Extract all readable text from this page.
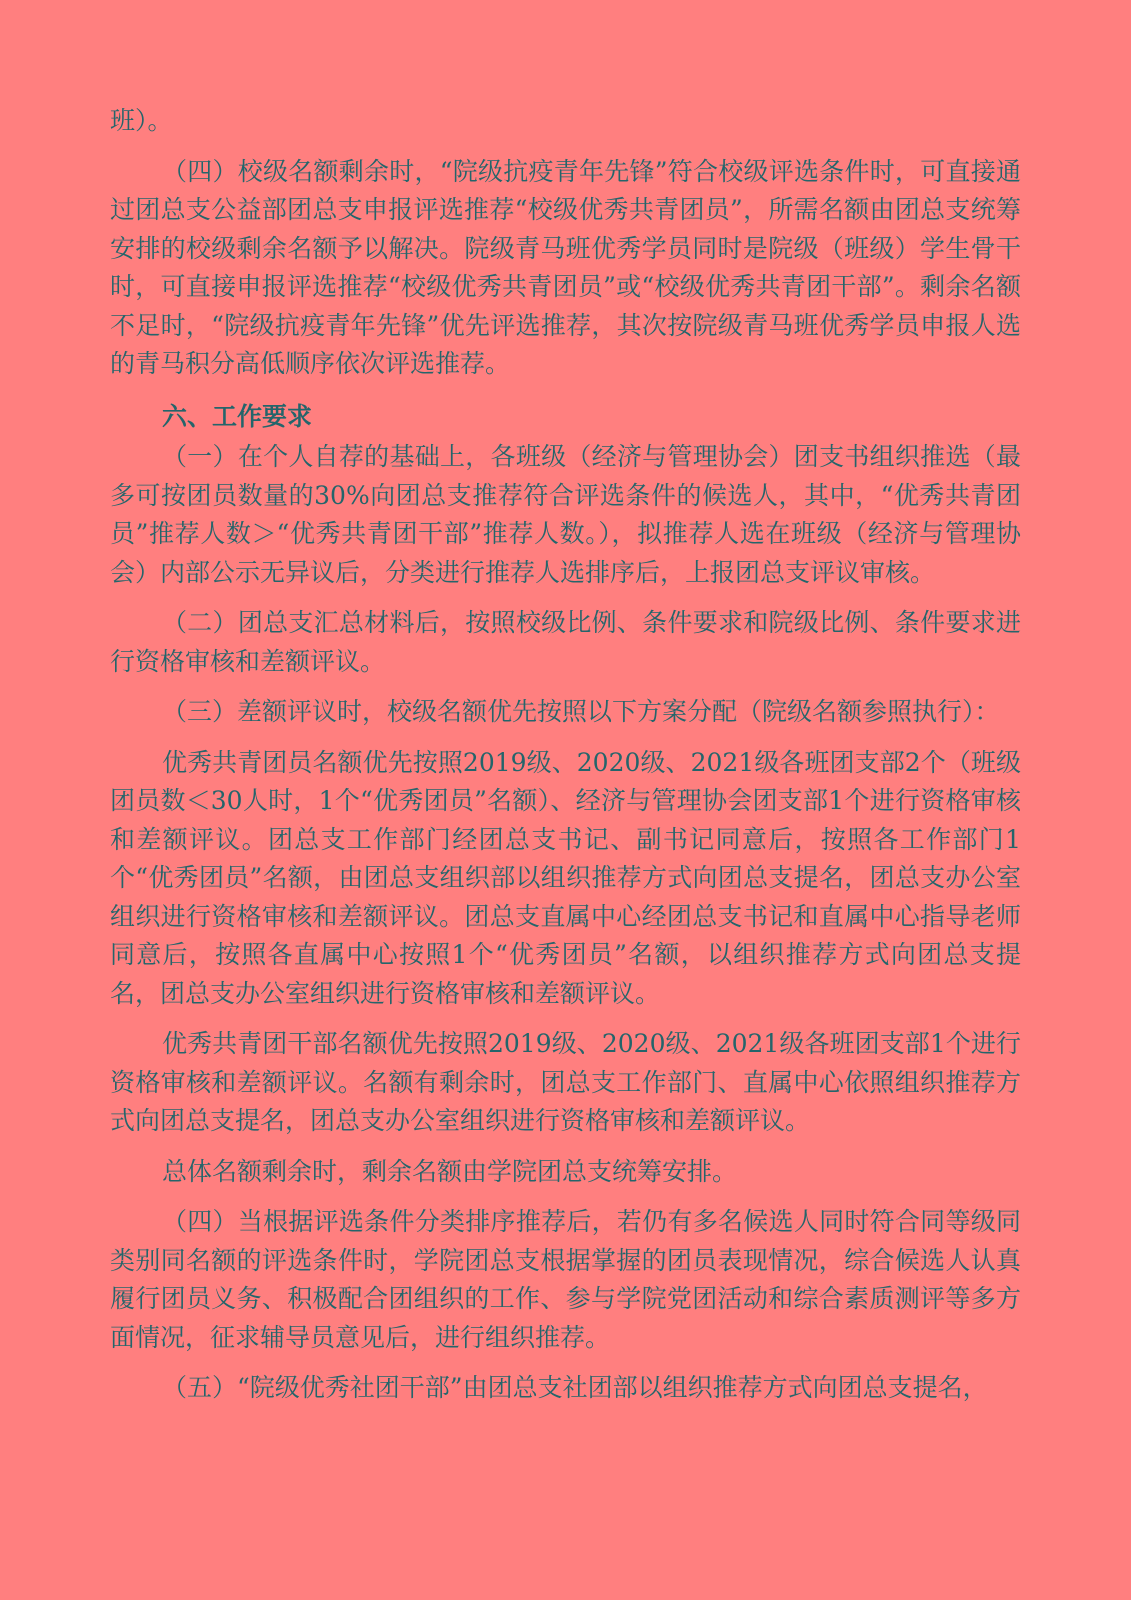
班）。

（四）校级名额剩余时，“院级抗疫青年先锋”符合校级评选条件时，可直接通过团总支公益部团总支申报评选推荐“校级优秀共青团员”，所需名额由团总支统筹安排的校级剩余名额予以解决。院级青马班优秀学员同时是院级（班级）学生骨干时，可直接申报评选推荐“校级优秀共青团员”或“校级优秀共青团干部”。剩余名额不足时，“院级抗疫青年先锋”优先评选推荐，其次按院级青马班优秀学员申报人选的青马积分高低顺序依次评选推荐。

六、工作要求

（一）在个人自荐的基础上，各班级（经济与管理协会）团支书组织推选（最多可按团员数量的30%向团总支推荐符合评选条件的候选人，其中，“优秀共青团员”推荐人数＞“优秀共青团干部”推荐人数。），拟推荐人选在班级（经济与管理协会）内部公示无异议后，分类进行推荐人选排序后，上报团总支评议审核。

（二）团总支汇总材料后，按照校级比例、条件要求和院级比例、条件要求进行资格审核和差额评议。

（三）差额评议时，校级名额优先按照以下方案分配（院级名额参照执行）：

优秀共青团员名额优先按照2019级、2020级、2021级各班团支部2个（班级团员数＜30人时，1个“优秀团员”名额）、经济与管理协会团支部1个进行资格审核和差额评议。团总支工作部门经团总支书记、副书记同意后，按照各工作部门1个“优秀团员”名额，由团总支组织部以组织推荐方式向团总支提名，团总支办公室组织进行资格审核和差额评议。团总支直属中心经团总支书记和直属中心指导老师同意后，按照各直属中心按照1个“优秀团员”名额，以组织推荐方式向团总支提名，团总支办公室组织进行资格审核和差额评议。

优秀共青团干部名额优先按照2019级、2020级、2021级各班团支部1个进行资格审核和差额评议。名额有剩余时，团总支工作部门、直属中心依照组织推荐方式向团总支提名，团总支办公室组织进行资格审核和差额评议。

总体名额剩余时，剩余名额由学院团总支统筹安排。

（四）当根据评选条件分类排序推荐后，若仍有多名候选人同时符合同等级同类别同名额的评选条件时，学院团总支根据掌握的团员表现情况，综合候选人认真履行团员义务、积极配合团组织的工作、参与学院党团活动和综合素质测评等多方面情况，征求辅导员意见后，进行组织推荐。

（五）“院级优秀社团干部”由团总支社团部以组织推荐方式向团总支提名，
